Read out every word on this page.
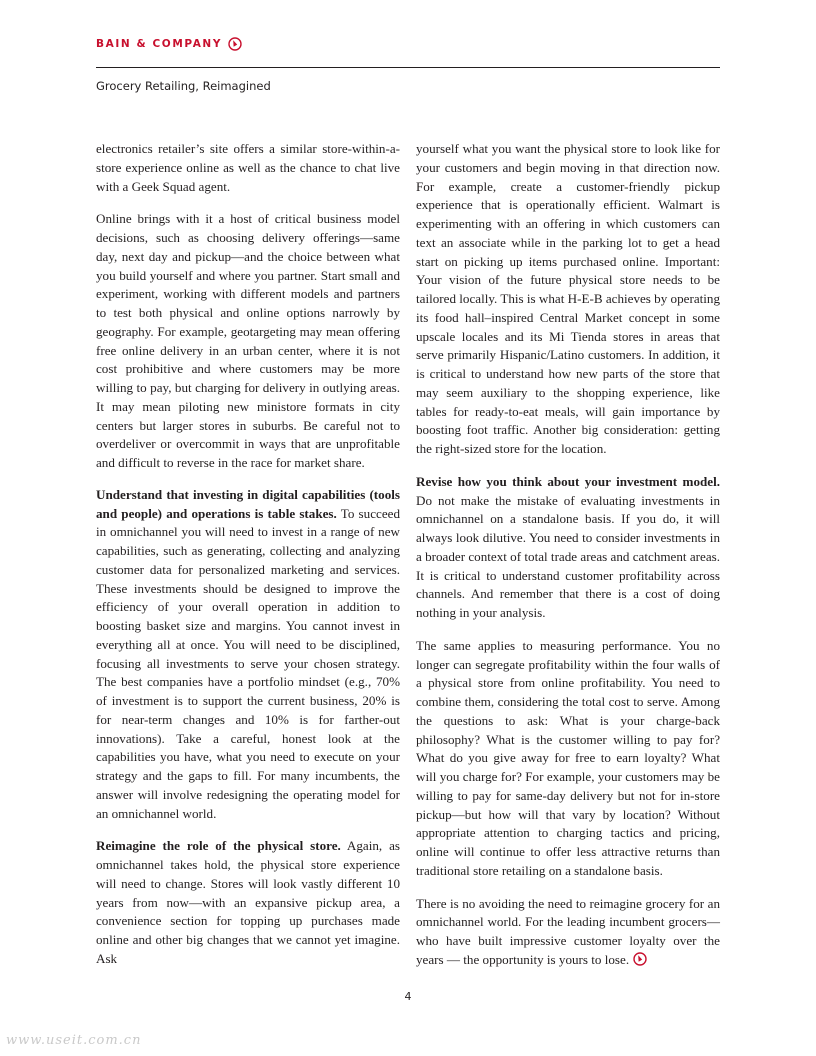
BAIN & COMPANY
Grocery Retailing, Reimagined

electronics retailer’s site offers a similar store-within-a-store experience online as well as the chance to chat live with a Geek Squad agent.

Online brings with it a host of critical business model decisions, such as choosing delivery offerings—same day, next day and pickup—and the choice between what you build yourself and where you partner. Start small and experiment, working with different models and partners to test both physical and online options narrowly by geography. For example, geotargeting may mean offering free online delivery in an urban center, where it is not cost prohibitive and where customers may be more willing to pay, but charging for delivery in outlying areas. It may mean piloting new ministore formats in city centers but larger stores in suburbs. Be careful not to overdeliver or overcommit in ways that are unprofitable and difficult to reverse in the race for market share.

Understand that investing in digital capabilities (tools and people) and operations is table stakes. To succeed in omnichannel you will need to invest in a range of new capabilities, such as generating, collecting and analyzing customer data for personalized marketing and services. These investments should be designed to improve the efficiency of your overall operation in addition to boosting basket size and margins. You cannot invest in everything all at once. You will need to be disciplined, focusing all investments to serve your chosen strategy. The best companies have a portfolio mindset (e.g., 70% of investment is to support the current business, 20% is for near-term changes and 10% is for farther-out innovations). Take a careful, honest look at the capabilities you have, what you need to execute on your strategy and the gaps to fill. For many incumbents, the answer will involve redesigning the operating model for an omnichannel world.

Reimagine the role of the physical store. Again, as omnichannel takes hold, the physical store experience will need to change. Stores will look vastly different 10 years from now—with an expansive pickup area, a convenience section for topping up purchases made online and other big changes that we cannot yet imagine. Ask

yourself what you want the physical store to look like for your customers and begin moving in that direction now. For example, create a customer-friendly pickup experience that is operationally efficient. Walmart is experimenting with an offering in which customers can text an associate while in the parking lot to get a head start on picking up items purchased online. Important: Your vision of the future physical store needs to be tailored locally. This is what H-E-B achieves by operating its food hall–inspired Central Market concept in some upscale locales and its Mi Tienda stores in areas that serve primarily Hispanic/Latino customers. In addition, it is critical to understand how new parts of the store that may seem auxiliary to the shopping experience, like tables for ready-to-eat meals, will gain importance by boosting foot traffic. Another big consideration: getting the right-sized store for the location.

Revise how you think about your investment model. Do not make the mistake of evaluating investments in omnichannel on a standalone basis. If you do, it will always look dilutive. You need to consider investments in a broader context of total trade areas and catchment areas. It is critical to understand customer profitability across channels. And remember that there is a cost of doing nothing in your analysis.

The same applies to measuring performance. You no longer can segregate profitability within the four walls of a physical store from online profitability. You need to combine them, considering the total cost to serve. Among the questions to ask: What is your charge-back philosophy? What is the customer willing to pay for? What do you give away for free to earn loyalty? What will you charge for? For example, your customers may be willing to pay for same-day delivery but not for in-store pickup—but how will that vary by location? Without appropriate attention to charging tactics and pricing, online will continue to offer less attractive returns than traditional store retailing on a standalone basis.

There is no avoiding the need to reimagine grocery for an omnichannel world. For the leading incumbent grocers—who have built impressive customer loyalty over the years — the opportunity is yours to lose.

4
www.useit.com.cn
